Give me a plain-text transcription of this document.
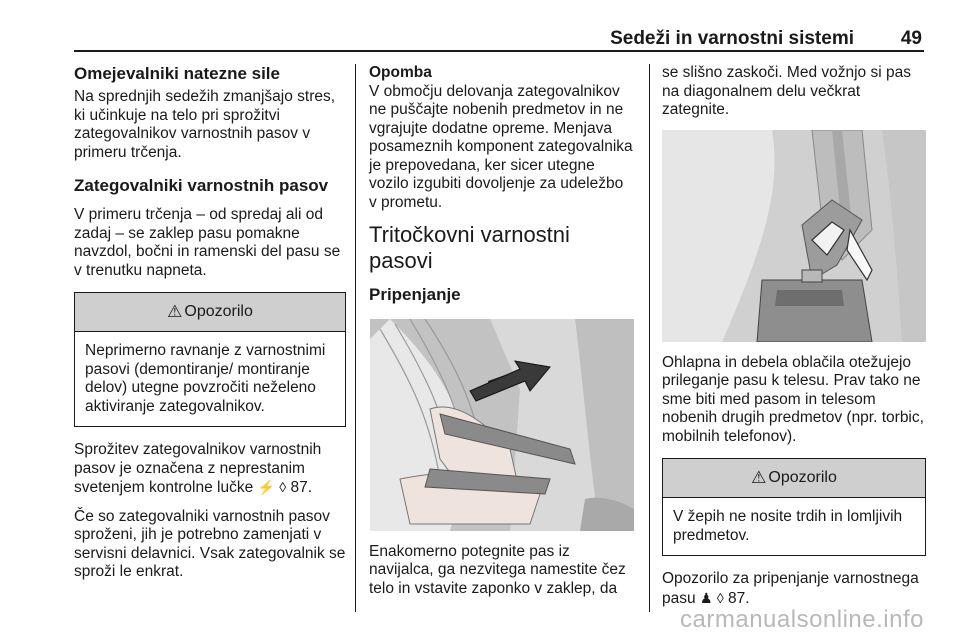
Sedeži in varnostni sistemi 49
Omejevalniki natezne sile
Na sprednjih sedežih zmanjšajo stres, ki učinkuje na telo pri sprožitvi zategovalnikov varnostnih pasov v primeru trčenja.
Zategovalniki varnostnih pasov
V primeru trčenja – od spredaj ali od zadaj – se zaklep pasu pomakne navzdol, bočni in ramenski del pasu se v trenutku napneta.
⚠ Opozorilo
Neprimerno ravnanje z varnostnimi pasovi (demontiranje/ montiranje delov) utegne povzročiti neželeno aktiviranje zategovalnikov.
Sprožitev zategovalnikov varnostnih pasov je označena z neprestanim svetenjem kontrolne lučke ⚡ ◊ 87.
Če so zategovalniki varnostnih pasov sproženi, jih je potrebno zamenjati v servisni delavnici. Vsak zategovalnik se sproži le enkrat.
Opomba
V območju delovanja zategovalnikov ne puščajte nobenih predmetov in ne vgrajujte dodatne opreme. Menjava posameznih komponent zategovalnika je prepovedana, ker sicer utegne vozilo izgubiti dovoljenje za udeležbo v prometu.
Tritočkovni varnostni pasovi
Pripenjanje
Enakomerno potegnite pas iz navijalca, ga nezvitega namestite čez telo in vstavite zaponko v zaklep, da
se slišno zaskoči. Med vožnjo si pas na diagonalnem delu večkrat zategnite.
Ohlapna in debela oblačila otežujejo prileganje pasu k telesu. Prav tako ne sme biti med pasom in telesom nobenih drugih predmetov (npr. torbic, mobilnih telefonov).
⚠ Opozorilo
V žepih ne nosite trdih in lomljivih predmetov.
Opozorilo za pripenjanje varnostnega pasu ♟ ◊ 87.
carmanualsonline.info
